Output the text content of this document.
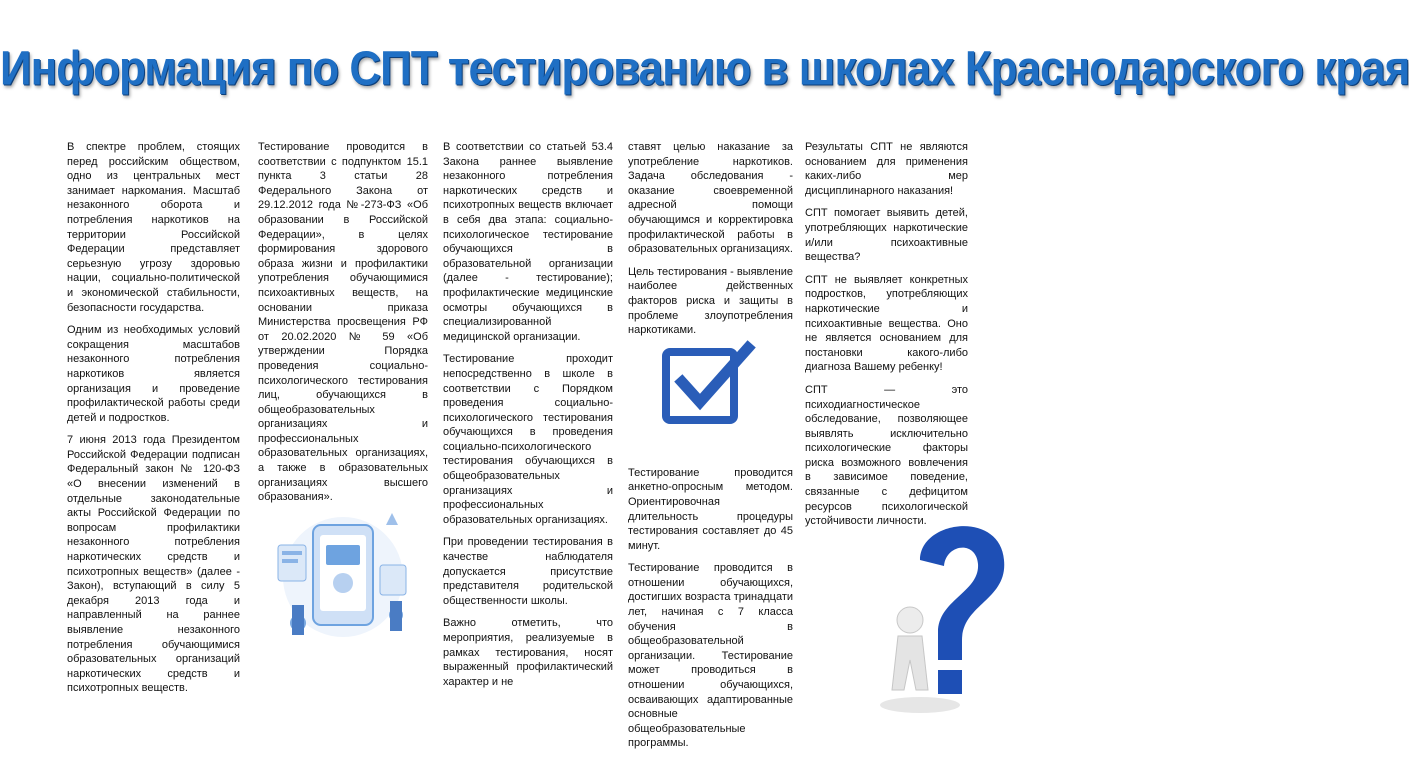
Информация по СПТ тестированию в школах Краснодарского края

В спектре проблем, стоящих перед российским обществом, одно из центральных мест занимает наркомания. Масштаб незаконного оборота и потребления наркотиков на территории Российской Федерации представляет серьезную угрозу здоровью нации, социально-политической и экономической стабильности, безопасности государства.

Одним из необходимых условий сокращения масштабов незаконного потребления наркотиков является организация и проведение профилактической работы среди детей и подростков.

7 июня 2013 года Президентом Российской Федерации подписан Федеральный закон № 120-ФЗ «О внесении изменений в отдельные законодательные акты Российской Федерации по вопросам профилактики незаконного потребления наркотических средств и психотропных веществ» (далее - Закон), вступающий в силу 5 декабря 2013 года и направленный на раннее выявление незаконного потребления обучающимися образовательных организаций наркотических средств и психотропных веществ.

Тестирование проводится в соответствии с подпунктом 15.1 пункта 3 статьи 28 Федерального Закона от 29.12.2012 года №-273-ФЗ «Об образовании в Российской Федерации», в целях формирования здорового образа жизни и профилактики употребления обучающимися психоактивных веществ, на основании приказа Министерства просвещения РФ от 20.02.2020 № 59 «Об утверждении Порядка проведения социально-психологического тестирования лиц, обучающихся в общеобразовательных организациях и профессиональных образовательных организациях, а также в образовательных организациях высшего образования».

В соответствии со статьей 53.4 Закона раннее выявление незаконного потребления наркотических средств и психотропных веществ включает в себя два этапа: социально-психологическое тестирование обучающихся в образовательной организации (далее - тестирование); профилактические медицинские осмотры обучающихся в специализированной медицинской организации.

Тестирование проходит непосредственно в школе в соответствии с Порядком проведения социально-психологического тестирования обучающихся в проведения социально-психологического тестирования обучающихся в общеобразовательных организациях и профессиональных образовательных организациях.

При проведении тестирования в качестве наблюдателя допускается присутствие представителя родительской общественности школы.

Важно отметить, что мероприятия, реализуемые в рамках тестирования, носят выраженный профилактический характер и не

ставят целью наказание за употребление наркотиков. Задача обследования - оказание своевременной адресной помощи обучающимся и корректировка профилактической работы в образовательных организациях.

Цель тестирования - выявление наиболее действенных факторов риска и защиты в проблеме злоупотребления наркотиками.

Тестирование проводится анкетно-опросным методом. Ориентировочная длительность процедуры тестирования составляет до 45 минут.

Тестирование проводится в отношении обучающихся, достигших возраста тринадцати лет, начиная с 7 класса обучения в общеобразовательной организации. Тестирование может проводиться в отношении обучающихся, осваивающих адаптированные основные общеобразовательные программы.

Результаты СПТ не являются основанием для применения каких-либо мер дисциплинарного наказания!

СПТ помогает выявить детей, употребляющих наркотические и/или психоактивные вещества?

СПТ не выявляет конкретных подростков, употребляющих наркотические и психоактивные вещества. Оно не является основанием для постановки какого-либо диагноза Вашему ребенку!

СПТ — это психодиагностическое обследование, позволяющее выявлять исключительно психологические факторы риска возможного вовлечения в зависимое поведение, связанные с дефицитом ресурсов психологической устойчивости личности.
